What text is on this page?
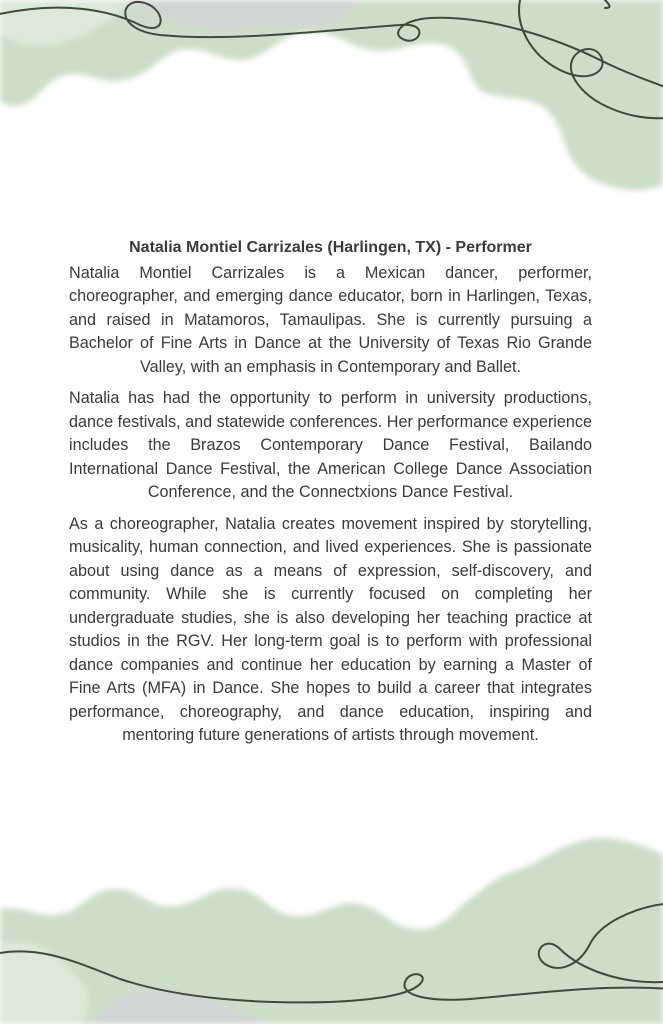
Natalia Montiel Carrizales (Harlingen, TX) - Performer

Natalia Montiel Carrizales is a Mexican dancer, performer, choreographer, and emerging dance educator, born in Harlingen, Texas, and raised in Matamoros, Tamaulipas. She is currently pursuing a Bachelor of Fine Arts in Dance at the University of Texas Rio Grande Valley, with an emphasis in Contemporary and Ballet.

Natalia has had the opportunity to perform in university productions, dance festivals, and statewide conferences. Her performance experience includes the Brazos Contemporary Dance Festival, Bailando International Dance Festival, the American College Dance Association Conference, and the Connectxions Dance Festival.

As a choreographer, Natalia creates movement inspired by storytelling, musicality, human connection, and lived experiences. She is passionate about using dance as a means of expression, self-discovery, and community. While she is currently focused on completing her undergraduate studies, she is also developing her teaching practice at studios in the RGV. Her long-term goal is to perform with professional dance companies and continue her education by earning a Master of Fine Arts (MFA) in Dance. She hopes to build a career that integrates performance, choreography, and dance education, inspiring and mentoring future generations of artists through movement.
